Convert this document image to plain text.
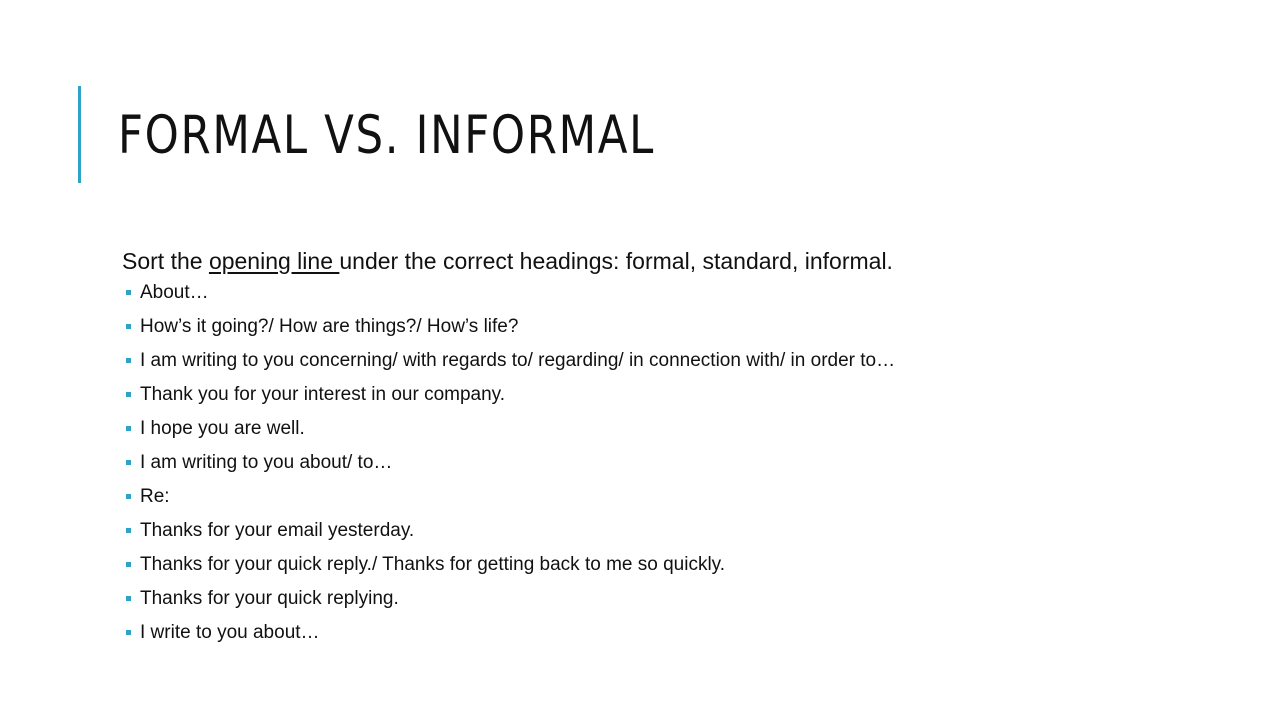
FORMAL VS. INFORMAL

Sort the opening line under the correct headings: formal, standard, informal.

About…
How’s it going?/ How are things?/ How’s life?
I am writing to you concerning/ with regards to/ regarding/ in connection with/ in order to…
Thank you for your interest in our company.
I hope you are well.
I am writing to you about/ to…
Re:
Thanks for your email yesterday.
Thanks for your quick reply./ Thanks for getting back to me so quickly.
Thanks for your quick replying.
I write to you about…
